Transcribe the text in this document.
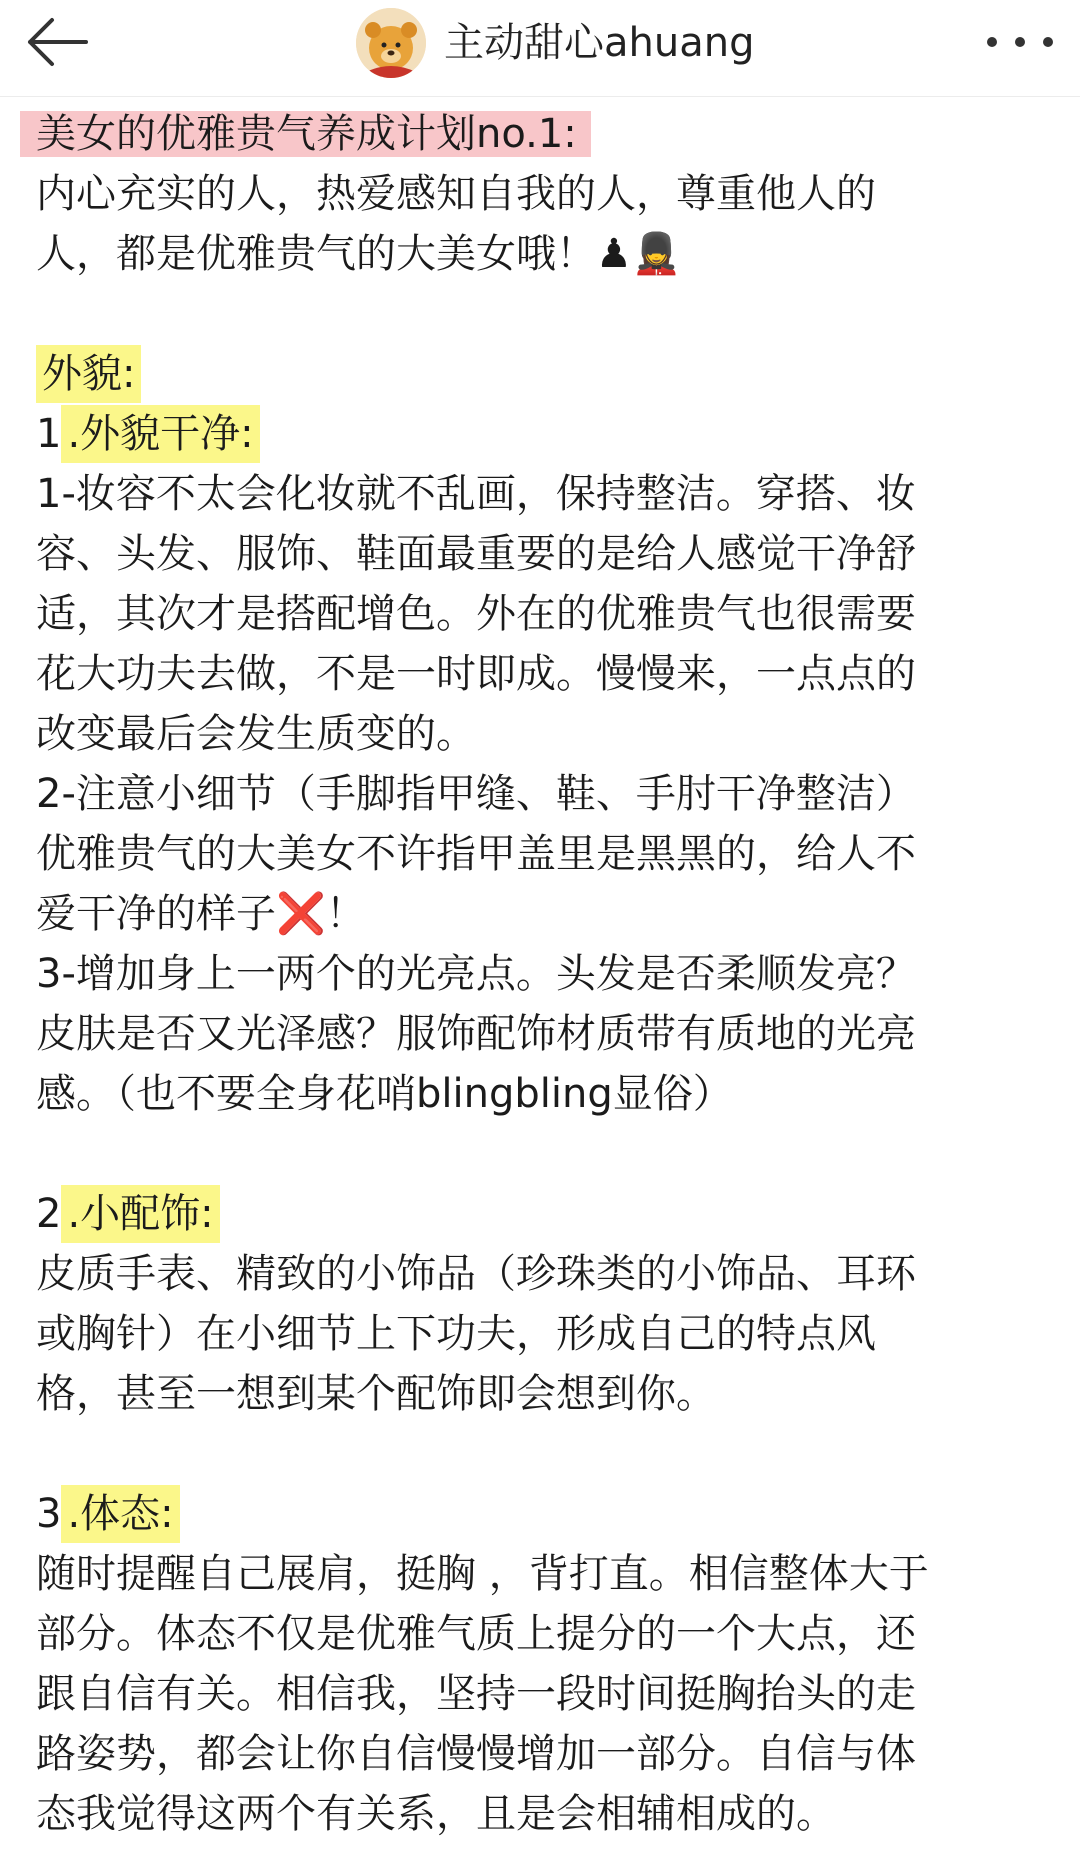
主动甜心ahuang
美女的优雅贵气养成计划no.1:
内心充实的人，热爱感知自我的人，尊重他人的
人，都是优雅贵气的大美女哦！♟💂‍♀️
外貌:
1 .外貌干净:
1-妆容不太会化妆就不乱画，保持整洁。穿搭、妆
容、头发、服饰、鞋面最重要的是给人感觉干净舒
适，其次才是搭配增色。外在的优雅贵气也很需要
花大功夫去做，不是一时即成。慢慢来，一点点的
改变最后会发生质变的。
2-注意小细节（手脚指甲缝、鞋、手肘干净整洁）
优雅贵气的大美女不许指甲盖里是黑黑的，给人不
爱干净的样子❌！
3-增加身上一两个的光亮点。头发是否柔顺发亮？
皮肤是否又光泽感？服饰配饰材质带有质地的光亮
感。（也不要全身花哨blingbling显俗）
2 .小配饰:
皮质手表、精致的小饰品（珍珠类的小饰品、耳环
或胸针）在小细节上下功夫，形成自己的特点风
格，甚至一想到某个配饰即会想到你。
3 .体态:
随时提醒自己展肩，挺胸 ，背打直。相信整体大于
部分。体态不仅是优雅气质上提分的一个大点，还
跟自信有关。相信我，坚持一段时间挺胸抬头的走
路姿势，都会让你自信慢慢增加一部分。自信与体
态我觉得这两个有关系，且是会相辅相成的。
